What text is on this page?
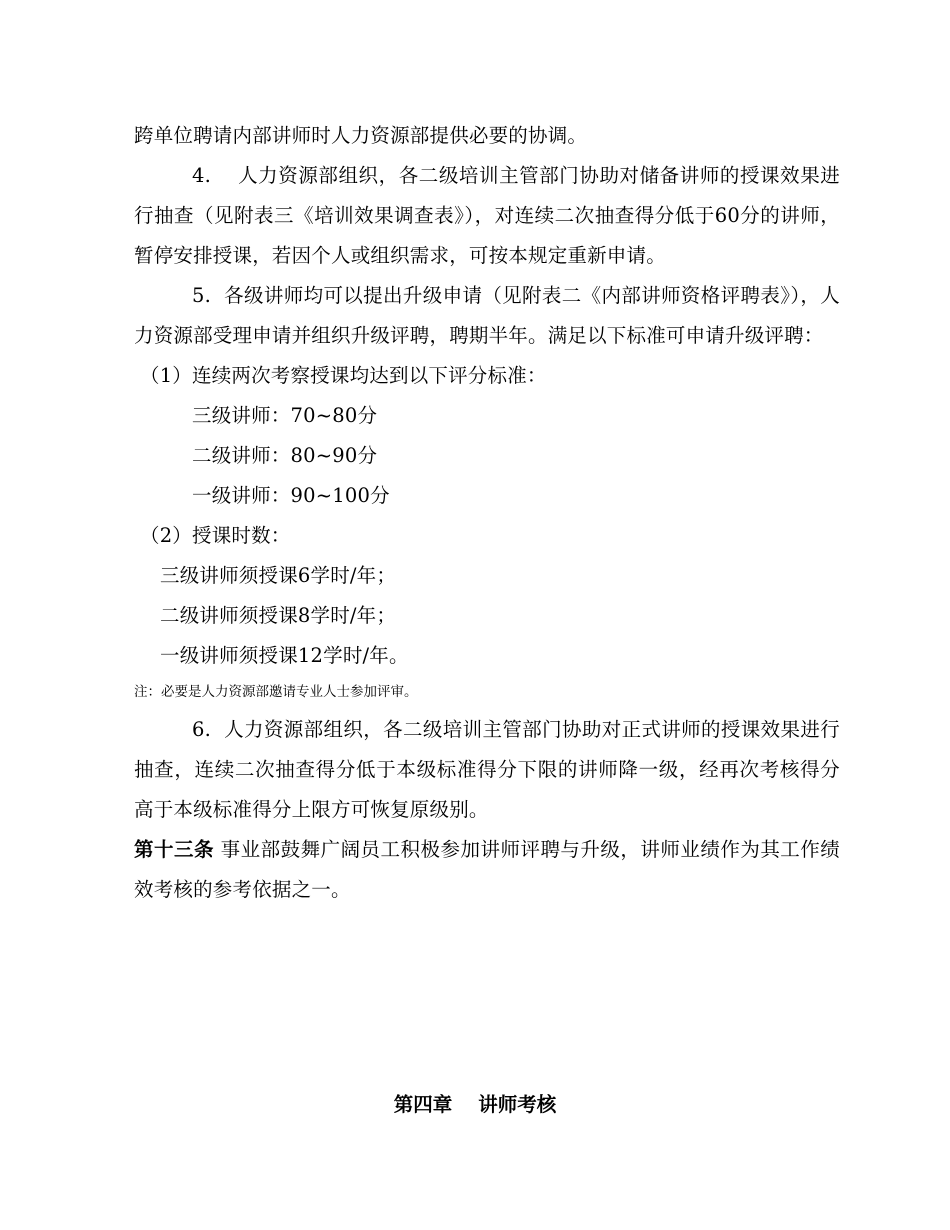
跨单位聘请内部讲师时人力资源部提供必要的协调。

4. 人力资源部组织，各二级培训主管部门协助对储备讲师的授课效果进行抽查（见附表三《培训效果调查表》），对连续二次抽查得分低于60分的讲师，暂停安排授课，若因个人或组织需求，可按本规定重新申请。

5. 各级讲师均可以提出升级申请（见附表二《内部讲师资格评聘表》），人力资源部受理申请并组织升级评聘，聘期半年。满足以下标准可申请升级评聘：

（1）连续两次考察授课均达到以下评分标准：

三级讲师：70~80分

二级讲师：80~90分

一级讲师：90~100分

（2）授课时数：

三级讲师须授课6学时/年；

二级讲师须授课8学时/年；

一级讲师须授课12学时/年。

注：必要是人力资源部邀请专业人士参加评审。

6. 人力资源部组织，各二级培训主管部门协助对正式讲师的授课效果进行抽查，连续二次抽查得分低于本级标准得分下限的讲师降一级，经再次考核得分高于本级标准得分上限方可恢复原级别。

第十三条 事业部鼓舞广阔员工积极参加讲师评聘与升级，讲师业绩作为其工作绩效考核的参考依据之一。

第四章 讲师考核
